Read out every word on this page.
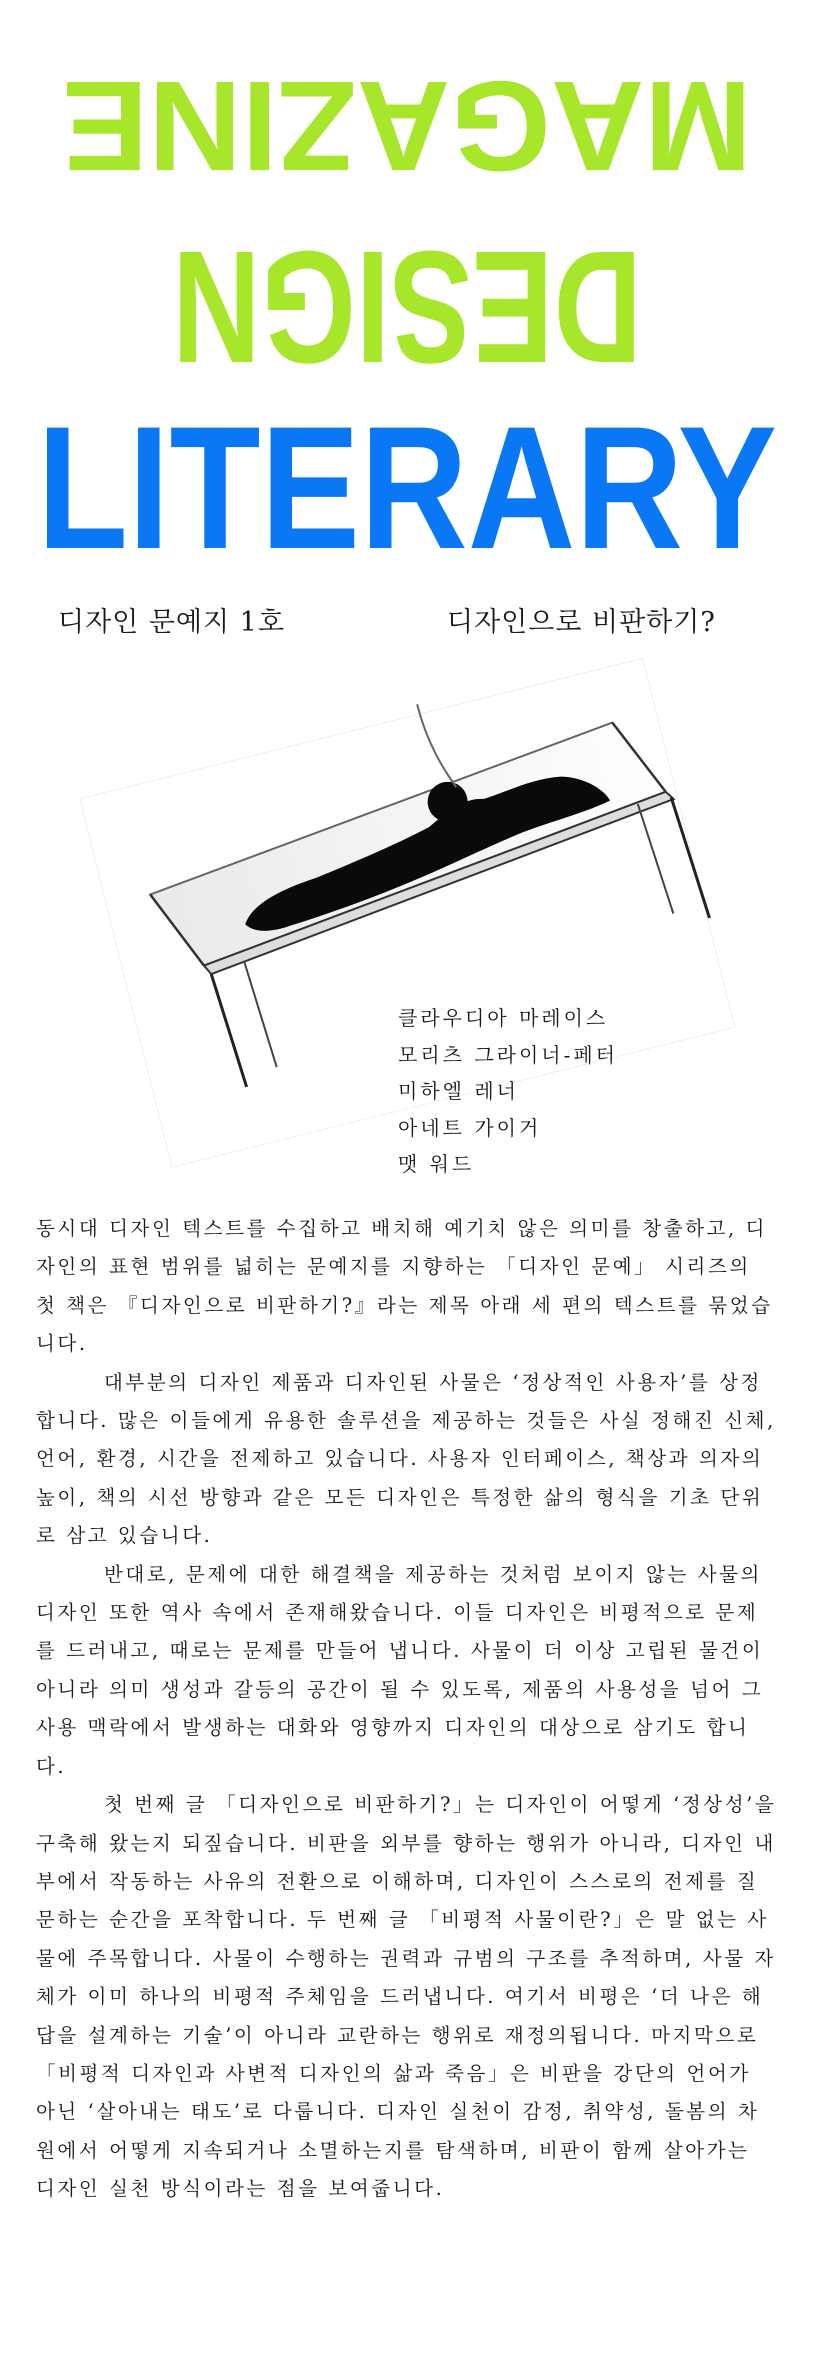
MAGAZINE
DESIGN
LITERARY
디자인 문예지 1호	디자인으로 비판하기?
클라우디아 마레이스
모리츠 그라이너-페터
미하엘 레너
아네트 가이거
맷 워드

동시대 디자인 텍스트를 수집하고 배치해 예기치 않은 의미를 창출하고, 디자인의 표현 범위를 넓히는 문예지를 지향하는 「디자인 문예」 시리즈의 첫 책은 『디자인으로 비판하기?』라는 제목 아래 세 편의 텍스트를 묶었습니다.

대부분의 디자인 제품과 디자인된 사물은 ‘정상적인 사용자’를 상정합니다. 많은 이들에게 유용한 솔루션을 제공하는 것들은 사실 정해진 신체, 언어, 환경, 시간을 전제하고 있습니다. 사용자 인터페이스, 책상과 의자의 높이, 책의 시선 방향과 같은 모든 디자인은 특정한 삶의 형식을 기초 단위로 삼고 있습니다.

반대로, 문제에 대한 해결책을 제공하는 것처럼 보이지 않는 사물의 디자인 또한 역사 속에서 존재해왔습니다. 이들 디자인은 비평적으로 문제를 드러내고, 때로는 문제를 만들어 냅니다. 사물이 더 이상 고립된 물건이 아니라 의미 생성과 갈등의 공간이 될 수 있도록, 제품의 사용성을 넘어 그 사용 맥락에서 발생하는 대화와 영향까지 디자인의 대상으로 삼기도 합니다.

첫 번째 글 「디자인으로 비판하기?」는 디자인이 어떻게 ‘정상성’을 구축해 왔는지 되짚습니다. 비판을 외부를 향하는 행위가 아니라, 디자인 내부에서 작동하는 사유의 전환으로 이해하며, 디자인이 스스로의 전제를 질문하는 순간을 포착합니다. 두 번째 글 「비평적 사물이란?」은 말 없는 사물에 주목합니다. 사물이 수행하는 권력과 규범의 구조를 추적하며, 사물 자체가 이미 하나의 비평적 주체임을 드러냅니다. 여기서 비평은 ‘더 나은 해답을 설계하는 기술’이 아니라 교란하는 행위로 재정의됩니다. 마지막으로 「비평적 디자인과 사변적 디자인의 삶과 죽음」은 비판을 강단의 언어가 아닌 ‘살아내는 태도’로 다룹니다. 디자인 실천이 감정, 취약성, 돌봄의 차원에서 어떻게 지속되거나 소멸하는지를 탐색하며, 비판이 함께 살아가는 디자인 실천 방식이라는 점을 보여줍니다.
